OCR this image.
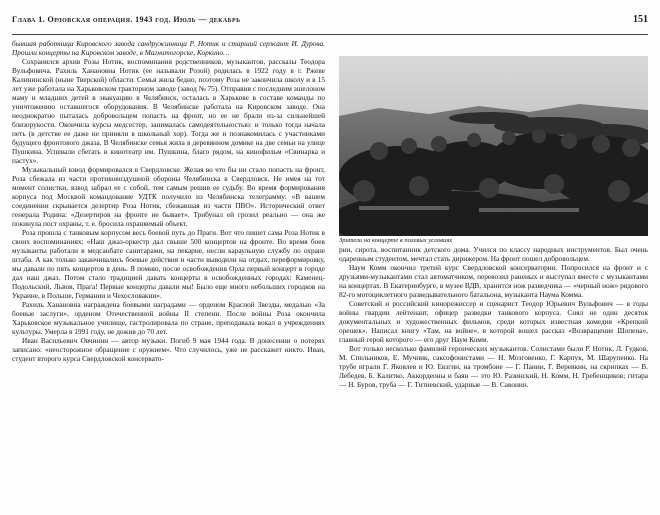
Глава 1. Орловская операция. 1943 год. Июль — декабрь	151

бывшая работница Кировского завода сандружинница Р. Нотик и старший сержант И. Дурова. Прошли концерты на Кировском заводе, в Магнитогорске, Коркино…

Сохранился архив Розы Нотик, воспоминания родственников, музыкантов, рассказы Теодора Вульфовича. Рахиль Ханановна Нотик (ее называли Розой) родилась в 1922 году в г. Ржеве Калининской (ныне Тверской) области. Семья жила бедно, поэтому Роза не закончила школу и в 15 лет уже работала на Харьковском тракторном заводе (завод № 75). Отправив с последним эшелоном маму и младших детей в эвакуацию в Челябинск, осталась в Харькове в составе команды по уничтожению оставшегося оборудования. В Челябинске работала на Кировском заводе. Она неоднократно пыталась добровольцем попасть на фронт, но ее не брали из-за сильнейшей близорукости. Окончила курсы медсестер, занималась самодеятельностью: и только тогда начала петь (в детстве ее даже не приняли в школьный хор). Тогда же и познакомилась с участниками будущего фронтового джаза. В Челябинске семья жила в деревянном домике на две семьи на улице Пушкина. Успевали сбегать в кинотеатр им. Пушкина, благо рядом, на кинофильм «Свинарка и пастух».

Музыкальный взвод формировался в Свердловске. Желая во что бы ни стало попасть на фронт, Роза сбежала из части противовоздушной обороны Челябинска в Свердловск. Не имея на тот момент солистки, взвод забрал ее с собой, тем самым решив ее судьбу. Во время формирования корпуса под Москвой командование УДТК получило из Челябинска телеграмму: «В вашем соединении скрывается дезертир Роза Нотик, сбежавшая из части ПВО». Исторический ответ генерала Родина: «Дезертиров на фронте не бывает». Трибунал ей грозил реально — она же покинула пост охраны, т. е. бросила охраняемый объект.

Роза прошла с танковым корпусом весь боевой путь до Праги. Вот что пишет сама Роза Нотик в своих воспоминаниях: «Наш джаз-оркестр дал свыше 500 концертов на фронте. Во время боев музыканты работали в медсанбате санитарами, на пекарне, несли караульную службу по охране штаба. А как только заканчивались боевые действия и части выводили на отдых, переформировку, мы давали по пять концертов в день. Я помню, после освобождения Орла первый концерт в городе дал наш джаз. Потом стало традицией давать концерты в освобожденных городах: Каменец-Подольский, Львов, Прага! Первые концерты давали мы! Было еще много небольших городков на Украине, в Польше, Германии и Чехословакии».

Рахиль Ханановна награждена боевыми наградами — орденом Красной Звезды, медалью «За боевые заслуги», орденом Отечественной войны II степени. После войны Роза окончила Харьковское музыкальное училище, гастролировала по стране, преподавала вокал в учреждениях культуры. Умерла в 1991 году, не дожив до 70 лет.

Иван Васильевич Овчинин — автор музыки. Погиб 9 мая 1944 года. В донесении о потерях записано: «неосторожное обращение с оружием». Что случилось, уже не расскажет никто. Иван, студент второго курса Свердловской консервато-

Зрители на концерте в полевых условиях

рии, сирота, воспитанник детского дома. Учился по классу народных инструментов. Был очень одаренным студентом, мечтал стать дирижером. На фронт пошел добровольцем.

Наум Комм окончил третий курс Свердловской консерватории. Попросился на фронт и с друзьями-музыкантами стал автоматчиком, перевозил раненых и выступал вместе с музыкантами на концертах. В Екатеринбурге, в музее ВДВ, хранится нож разведчика — «черный нож» рядового 82-го мотоциклетного разведывательного батальона, музыканта Наума Комма.

Советский и российский кинорежиссер и сценарист Теодор Юрьевич Вульфович — в годы войны гвардии лейтенант, офицер разведки танкового корпуса. Снял не один десяток документальных и художественных фильмов, среди которых известная комедия «Крепкий орешек». Написал книгу «Там, на войне», в которой вошел рассказ «Возвращение Шопена», главный герой которого — его друг Наум Комм.

Вот только несколько фамилий героических музыкантов. Солистами были Р. Нотик, Л. Гудков, М. Спельников, Е. Мучник, саксофонистами — Н. Мозговенко, Г. Карпук, М. Шарупенко. На трубе играли Г. Яковлев и Ю. Евзгин, на тромбоне — Г. Панин, Г. Веревкин, на скрипках — В. Лебедев, Б. Калитко. Аккордеоны и баян — это Ю. Разинский, Н. Комм, Н. Гребенщиков; гитара — Н. Буров, труба — Г. Титиевский, ударные — В. Савонин.
